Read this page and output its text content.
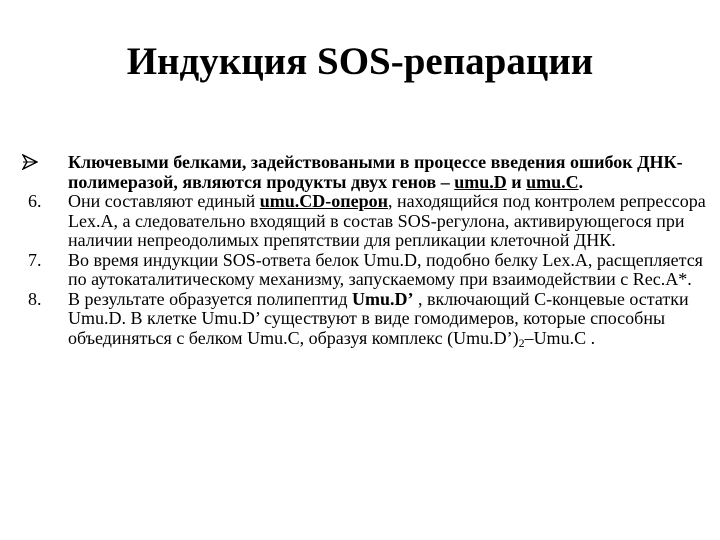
Индукция SOS-репарации
Ключевыми белками, задействоваными в процессе введения ошибок ДНК-полимеразой, являются продукты двух генов – umu.D и umu.C.
6.	Они составляют единый umu.CD-оперон, находящийся под контролем репрессора Lex.A, а следовательно входящий в состав SOS-регулона, активирующегося при наличии непреодолимых препятствии для репликации клеточной ДНК.
7.	Во время индукции SOS-ответа белок Umu.D, подобно белку Lex.A, расщепляется по аутокаталитическому механизму, запускаемому при взаимодействии с Rec.A*.
8.	В результате образуется полипептид Umu.D’ , включающий С-концевые остатки Umu.D. В клетке Umu.D’ существуют в виде гомодимеров, которые способны объединяться с белком Umu.C, образуя комплекс $(Umu.D’)_2-Umu.C$ .
